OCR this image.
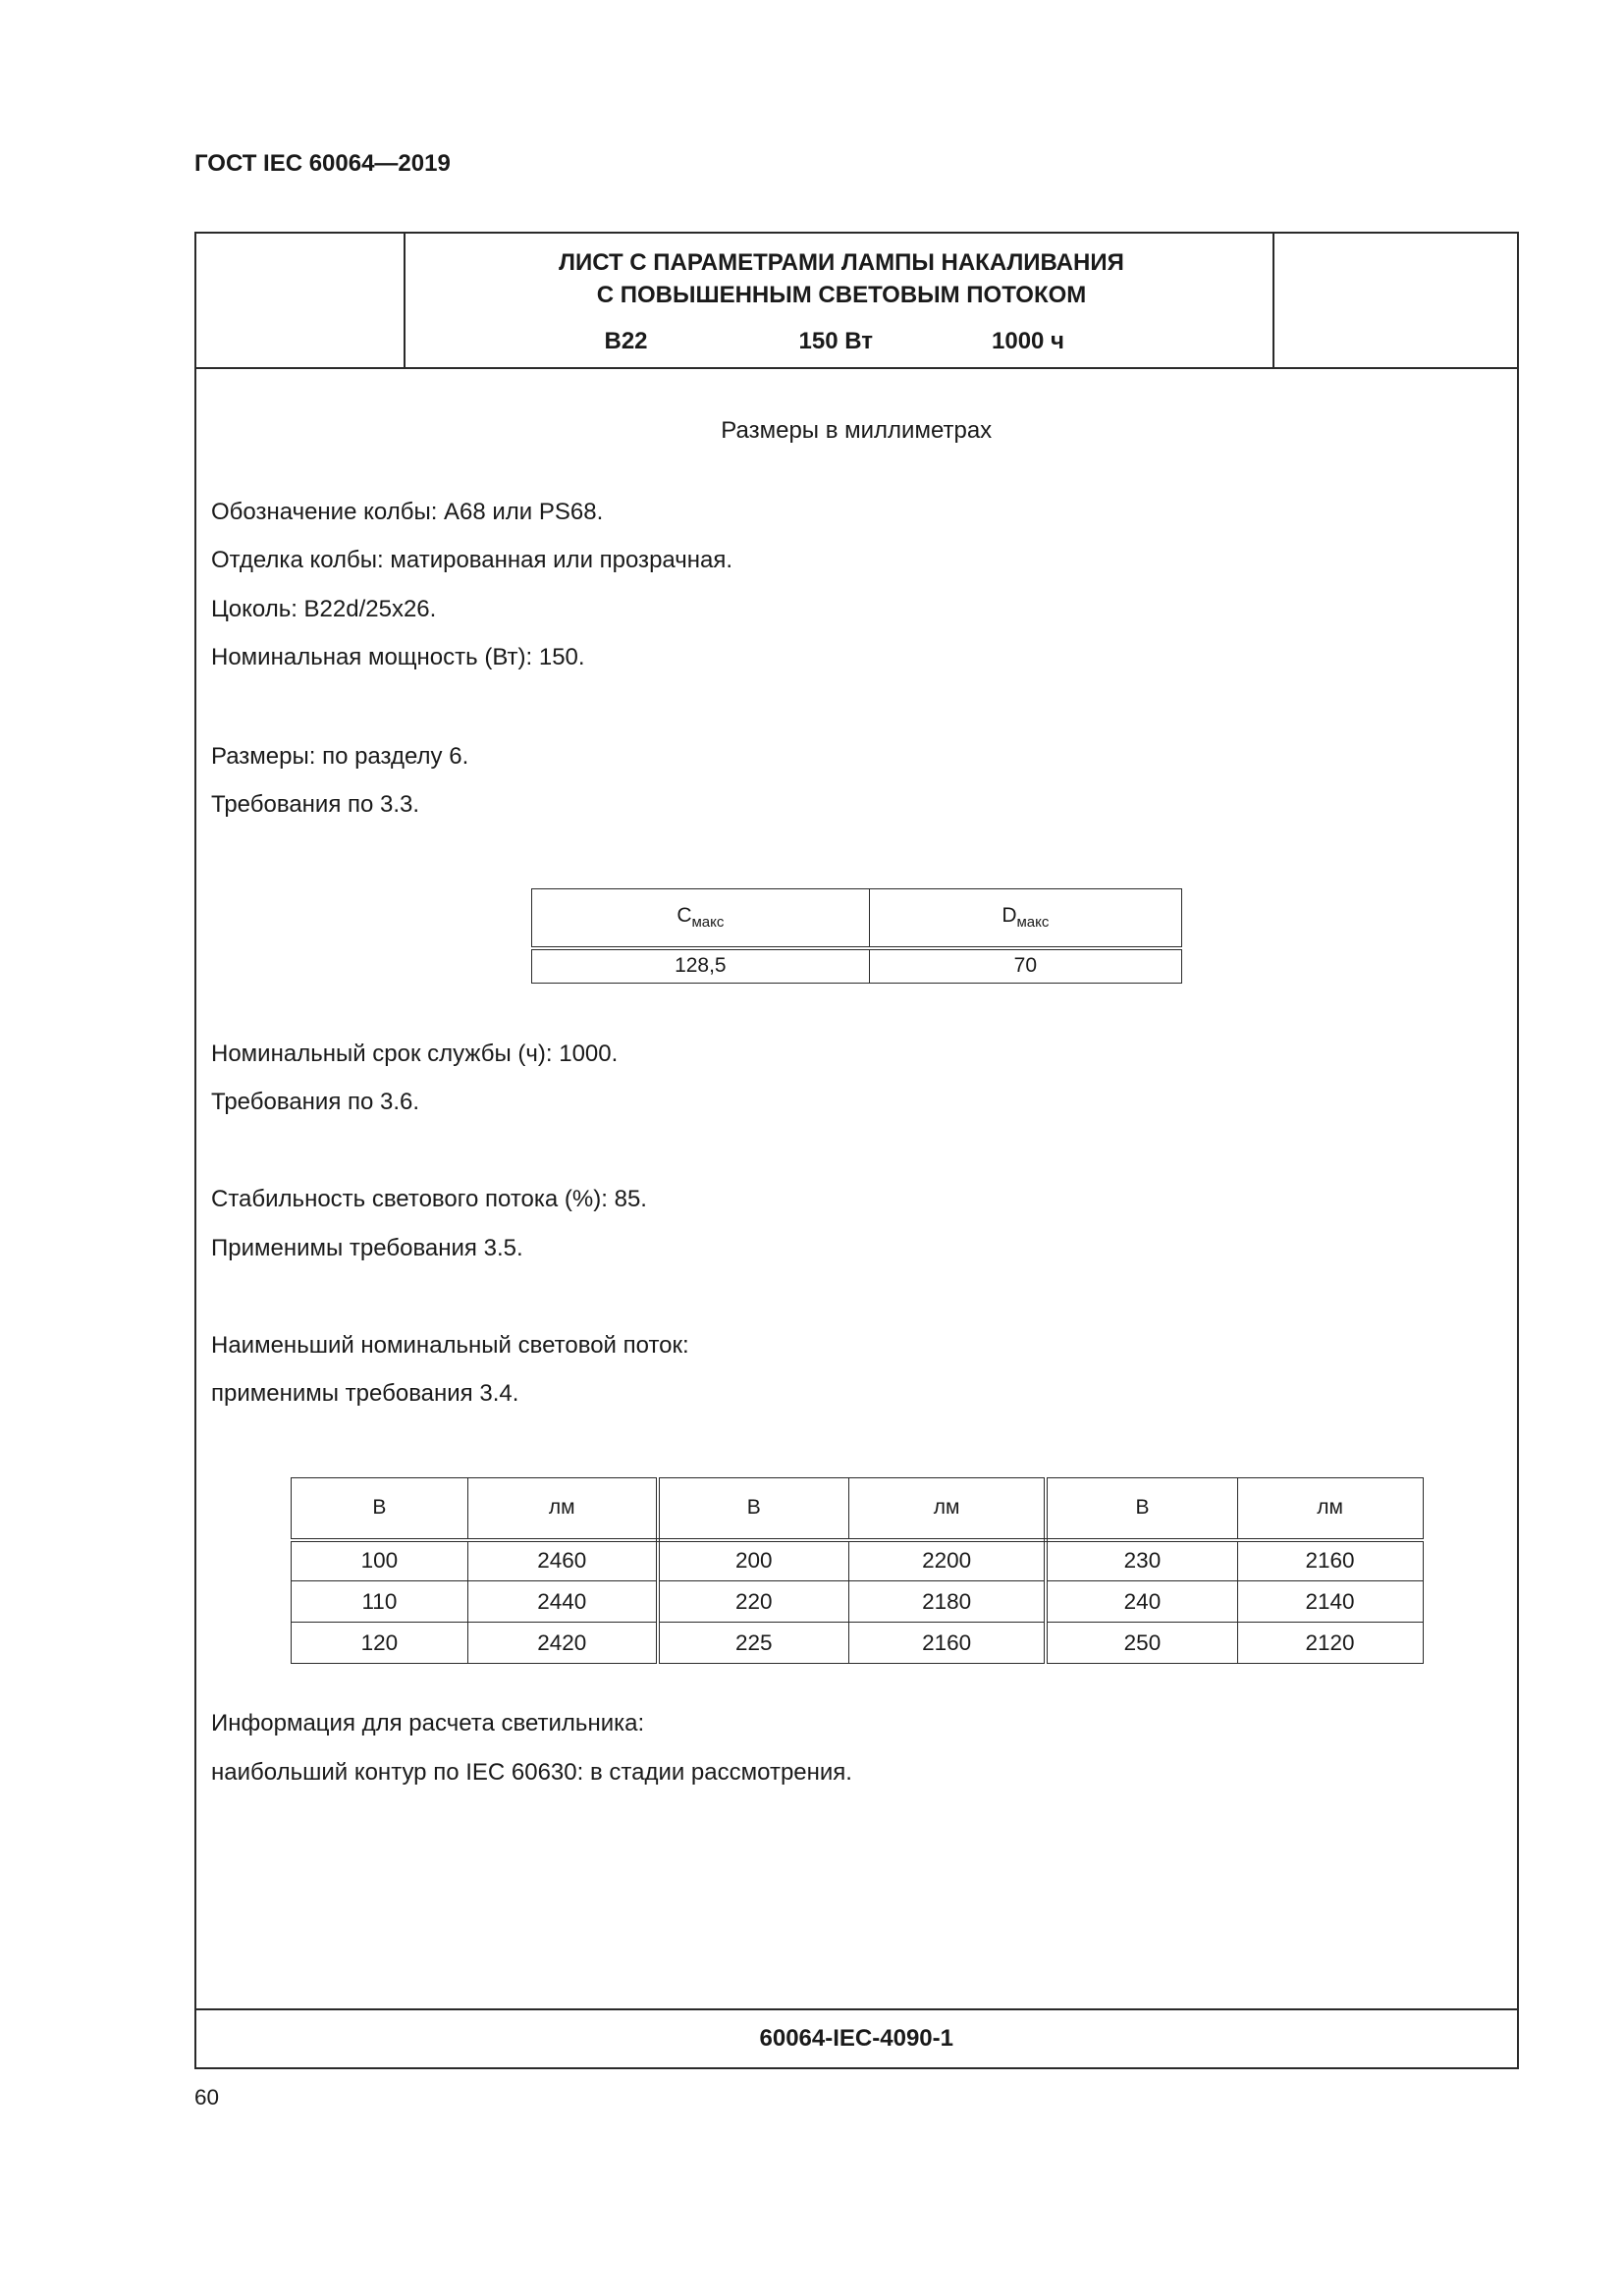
ГОСТ IEC 60064—2019
ЛИСТ С ПАРАМЕТРАМИ ЛАМПЫ НАКАЛИВАНИЯ
С ПОВЫШЕННЫМ СВЕТОВЫМ ПОТОКОМ
B22	150 Вт	1000 ч
Размеры в миллиметрах
Обозначение колбы: A68 или PS68.
Отделка колбы: матированная или прозрачная.
Цоколь: B22d/25x26.
Номинальная мощность (Вт): 150.
Размеры: по разделу 6.
Требования по 3.3.
$C_{макс}$	$D_{макс}$
128,5	70
Номинальный срок службы (ч): 1000.
Требования по 3.6.
Стабильность светового потока (%): 85.
Применимы требования 3.5.
Наименьший номинальный световой поток:
применимы требования 3.4.
В	лм	В	лм	В	лм
100	2460	200	2200	230	2160
110	2440	220	2180	240	2140
120	2420	225	2160	250	2120
Информация для расчета светильника:
наибольший контур по IEC 60630: в стадии рассмотрения.
60064-IEC-4090-1
60
